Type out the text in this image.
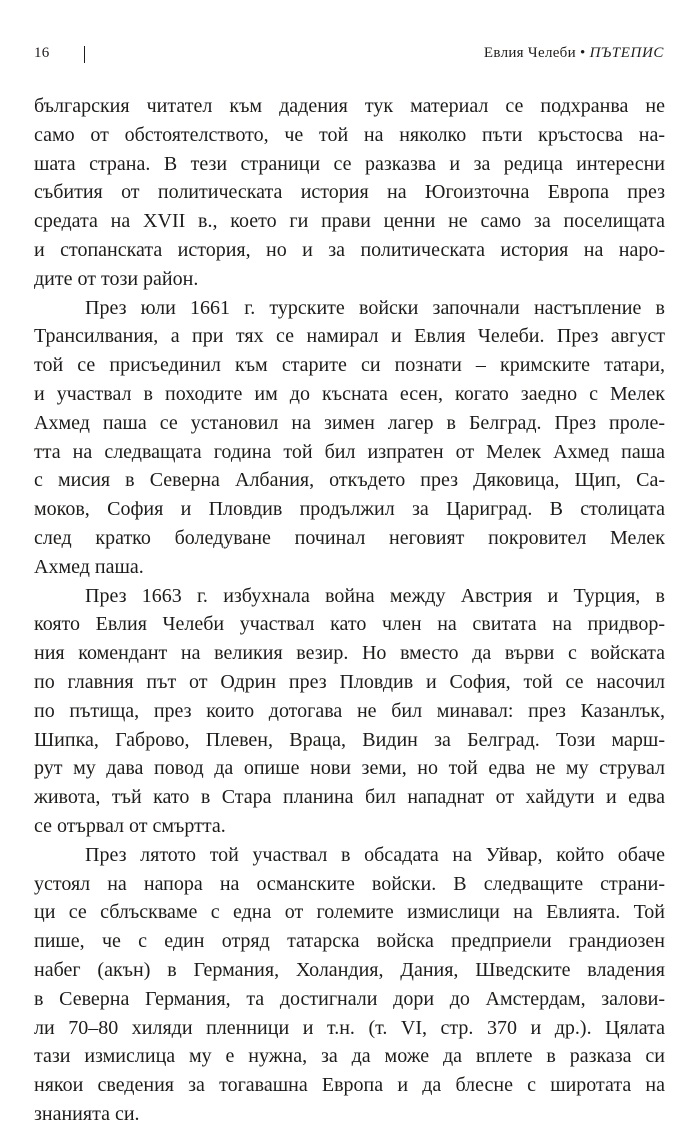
16	Евлия Челеби • ПЪТЕПИС

българския читател към дадения тук материал се подхранва не
само от обстоятелството, че той на няколко пъти кръстосва на-
шата страна. В тези страници се разказва и за редица интересни
събития от политическата история на Югоизточна Европа през
средата на XVII в., което ги прави ценни не само за поселищата
и стопанската история, но и за политическата история на наро-
дите от този район.

През юли 1661 г. турските войски започнали настъпление в
Трансилвания, а при тях се намирал и Евлия Челеби. През август
той се присъединил към старите си познати – кримските татари,
и участвал в походите им до късната есен, когато заедно с Мелек
Ахмед паша се установил на зимен лагер в Белград. През проле-
тта на следващата година той бил изпратен от Мелек Ахмед паша
с мисия в Северна Албания, откъдето през Дяковица, Щип, Са-
моков, София и Пловдив продължил за Цариград. В столицата
след кратко боледуване починал неговият покровител Мелек
Ахмед паша.

През 1663 г. избухнала война между Австрия и Турция, в
която Евлия Челеби участвал като член на свитата на придвор-
ния комендант на великия везир. Но вместо да върви с войската
по главния път от Одрин през Пловдив и София, той се насочил
по пътища, през които дотогава не бил минавал: през Казанлък,
Шипка, Габрово, Плевен, Враца, Видин за Белград. Този марш-
рут му дава повод да опише нови земи, но той едва не му струвал
живота, тъй като в Стара планина бил нападнат от хайдути и едва
се отървал от смъртта.

През лятото той участвал в обсадата на Уйвар, който обаче
устоял на напора на османските войски. В следващите страни-
ци се сблъскваме с една от големите измислици на Евлията. Той
пише, че с един отряд татарска войска предприели грандиозен
набег (акън) в Германия, Холандия, Дания, Шведските владения
в Северна Германия, та достигнали дори до Амстердам, залови-
ли 70–80 хиляди пленници и т.н. (т. VI, стр. 370 и др.). Цялата
тази измислица му е нужна, за да може да вплете в разказа си
някои сведения за тогавашна Европа и да блесне с широтата на
знанията си.
